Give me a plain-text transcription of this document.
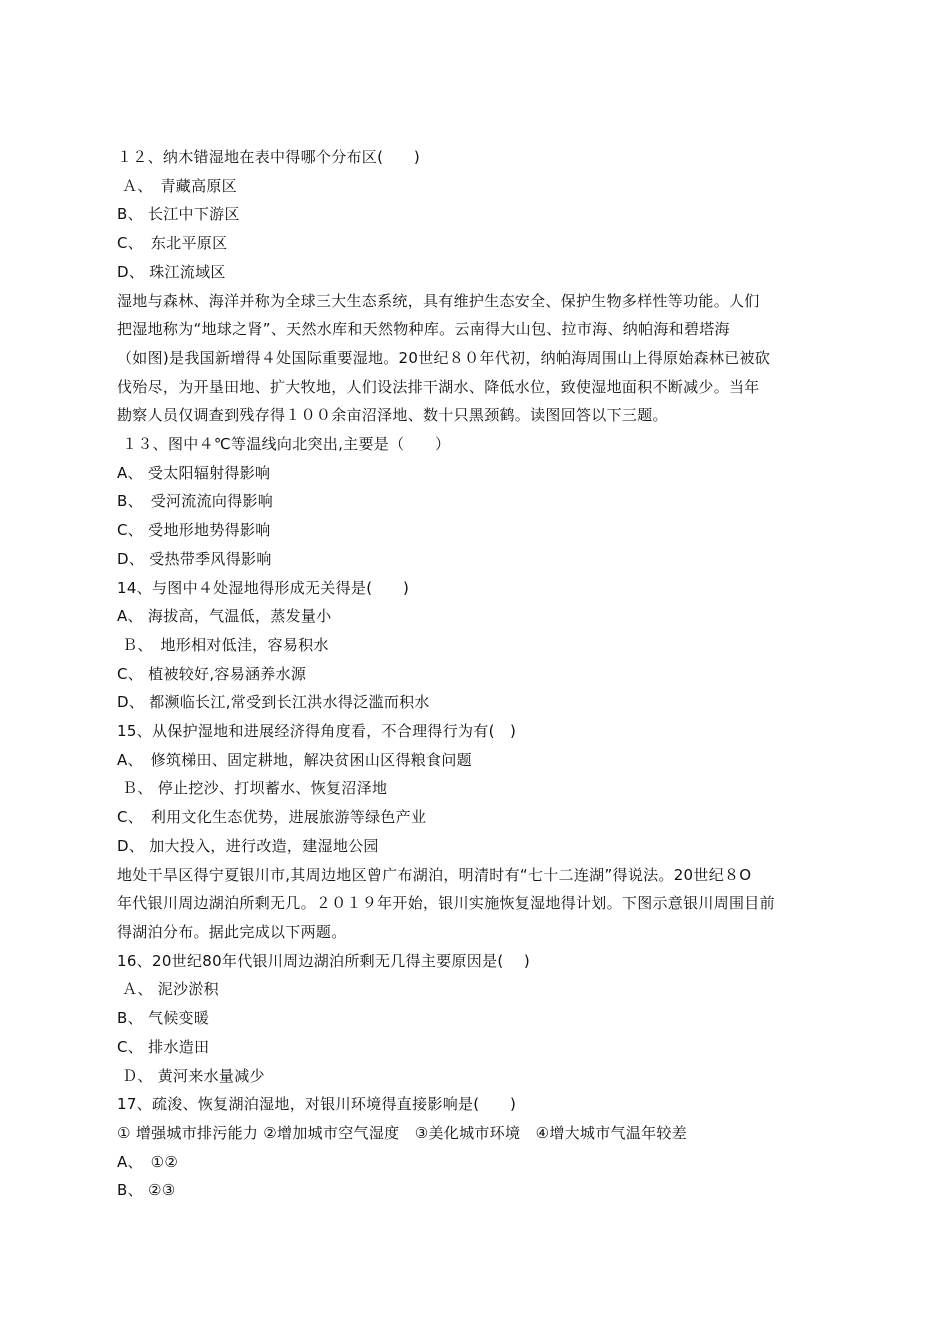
１２、纳木错湿地在表中得哪个分布区(　　)
Ａ、　青藏高原区
B、 长江中下游区
C、　东北平原区
D、 珠江流域区
湿地与森林、海洋并称为全球三大生态系统，具有维护生态安全、保护生物多样性等功能。人们
把湿地称为“地球之肾”、天然水库和天然物种库。云南得大山包、拉市海、纳帕海和碧塔海
（如图)是我国新增得４处国际重要湿地。20世纪８０年代初，纳帕海周围山上得原始森林已被砍
伐殆尽，为开垦田地、扩大牧地，人们设法排干湖水、降低水位，致使湿地面积不断减少。当年
勘察人员仅调查到残存得１００余亩沼泽地、数十只黑颈鹤。读图回答以下三题。
１３、图中４℃等温线向北突出,主要是（　　）
A、 受太阳辐射得影响
B、　受河流流向得影响
C、 受地形地势得影响
D、 受热带季风得影响
14、与图中４处湿地得形成无关得是(　　)
A、 海拔高，气温低，蒸发量小
Ｂ、　地形相对低洼，容易积水
C、 植被较好,容易涵养水源
D、 都濒临长江,常受到长江洪水得泛滥而积水
15、从保护湿地和进展经济得角度看，不合理得行为有(　)
A、　修筑梯田、固定耕地，解决贫困山区得粮食问题
Ｂ、 停止挖沙、打坝蓄水、恢复沼泽地
C、　利用文化生态优势，进展旅游等绿色产业
D、 加大投入，进行改造，建湿地公园
地处干旱区得宁夏银川市,其周边地区曾广布湖泊，明清时有“七十二连湖”得说法。20世纪８O
年代银川周边湖泊所剩无几。２０１９年开始，银川实施恢复湿地得计划。下图示意银川周围目前
得湖泊分布。据此完成以下两题。
16、20世纪80年代银川周边湖泊所剩无几得主要原因是(　 )
Ａ、 泥沙淤积
B、 气候变暖
C、 排水造田
Ｄ、 黄河来水量减少
17、疏浚、恢复湖泊湿地，对银川环境得直接影响是(　　)
① 增强城市排污能力 ②增加城市空气湿度　③美化城市环境　④增大城市气温年较差
A、　①②
B、 ②③
